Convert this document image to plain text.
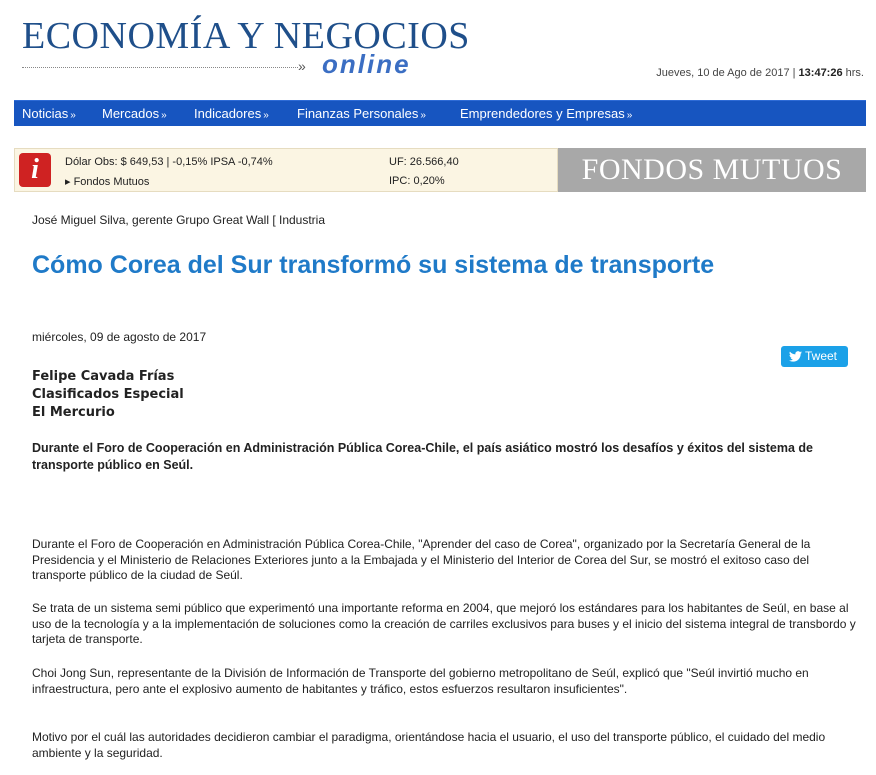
ECONOMÍA Y NEGOCIOS
» online	Jueves, 10 de Ago de 2017 | 13:47:26 hrs.
Noticias » Mercados » Indicadores » Finanzas Personales »	Emprendedores y Empresas »
i	Dólar Obs: $ 649,53 | -0,15% IPSA -0,74%
▸ Fondos Mutuos
UF: 26.566,40
IPC: 0,20%	FONDOS MUTUOS
José Miguel Silva, gerente Grupo Great Wall [ Industria
Cómo Corea del Sur transformó su sistema de transporte
miércoles, 09 de agosto de 2017
Tweet
Felipe Cavada Frías
Clasificados Especial
El Mercurio
Durante el Foro de Cooperación en Administración Pública Corea-Chile, el país asiático mostró los desafíos y éxitos del sistema de transporte público en Seúl.
Durante el Foro de Cooperación en Administración Pública Corea-Chile, "Aprender del caso de Corea", organizado por la Secretaría General de la Presidencia y el Ministerio de Relaciones Exteriores junto a la Embajada y el Ministerio del Interior de Corea del Sur, se mostró el exitoso caso del transporte público de la ciudad de Seúl.
Se trata de un sistema semi público que experimentó una importante reforma en 2004, que mejoró los estándares para los habitantes de Seúl, en base al uso de la tecnología y a la implementación de soluciones como la creación de carriles exclusivos para buses y el inicio del sistema integral de transbordo y tarjeta de transporte.
Choi Jong Sun, representante de la División de Información de Transporte del gobierno metropolitano de Seúl, explicó que "Seúl invirtió mucho en infraestructura, pero ante el explosivo aumento de habitantes y tráfico, estos esfuerzos resultaron insuficientes".
Motivo por el cuál las autoridades decidieron cambiar el paradigma, orientándose hacia el usuario, el uso del transporte público, el cuidado del medio ambiente y la seguridad.
